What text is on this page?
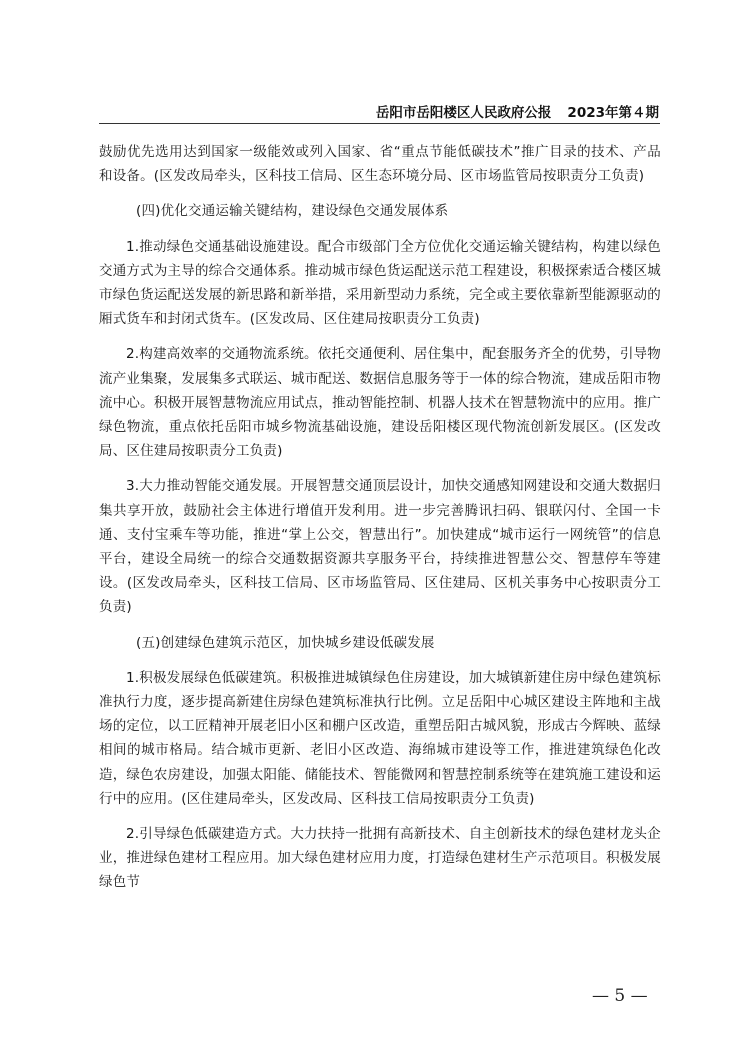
岳阳市岳阳楼区人民政府公报 2023年第４期

鼓励优先选用达到国家一级能效或列入国家、省“重点节能低碳技术”推广目录的技术、产品和设备。(区发改局牵头，区科技工信局、区生态环境分局、区市场监管局按职责分工负责)

(四)优化交通运输关键结构，建设绿色交通发展体系

1.推动绿色交通基础设施建设。配合市级部门全方位优化交通运输关键结构，构建以绿色交通方式为主导的综合交通体系。推动城市绿色货运配送示范工程建设，积极探索适合楼区城市绿色货运配送发展的新思路和新举措，采用新型动力系统，完全或主要依靠新型能源驱动的厢式货车和封闭式货车。(区发改局、区住建局按职责分工负责)

2.构建高效率的交通物流系统。依托交通便利、居住集中，配套服务齐全的优势，引导物流产业集聚，发展集多式联运、城市配送、数据信息服务等于一体的综合物流，建成岳阳市物流中心。积极开展智慧物流应用试点，推动智能控制、机器人技术在智慧物流中的应用。推广绿色物流，重点依托岳阳市城乡物流基础设施，建设岳阳楼区现代物流创新发展区。(区发改局、区住建局按职责分工负责)

3.大力推动智能交通发展。开展智慧交通顶层设计，加快交通感知网建设和交通大数据归集共享开放，鼓励社会主体进行增值开发利用。进一步完善腾讯扫码、银联闪付、全国一卡通、支付宝乘车等功能，推进“掌上公交，智慧出行”。加快建成“城市运行一网统管”的信息平台，建设全局统一的综合交通数据资源共享服务平台，持续推进智慧公交、智慧停车等建设。(区发改局牵头，区科技工信局、区市场监管局、区住建局、区机关事务中心按职责分工负责)

(五)创建绿色建筑示范区，加快城乡建设低碳发展

1.积极发展绿色低碳建筑。积极推进城镇绿色住房建设，加大城镇新建住房中绿色建筑标准执行力度，逐步提高新建住房绿色建筑标准执行比例。立足岳阳中心城区建设主阵地和主战场的定位，以工匠精神开展老旧小区和棚户区改造，重塑岳阳古城风貌，形成古今辉映、蓝绿相间的城市格局。结合城市更新、老旧小区改造、海绵城市建设等工作，推进建筑绿色化改造，绿色农房建设，加强太阳能、储能技术、智能微网和智慧控制系统等在建筑施工建设和运行中的应用。(区住建局牵头，区发改局、区科技工信局按职责分工负责)

2.引导绿色低碳建造方式。大力扶持一批拥有高新技术、自主创新技术的绿色建材龙头企业，推进绿色建材工程应用。加大绿色建材应用力度，打造绿色建材生产示范项目。积极发展绿色节

— 5 —
